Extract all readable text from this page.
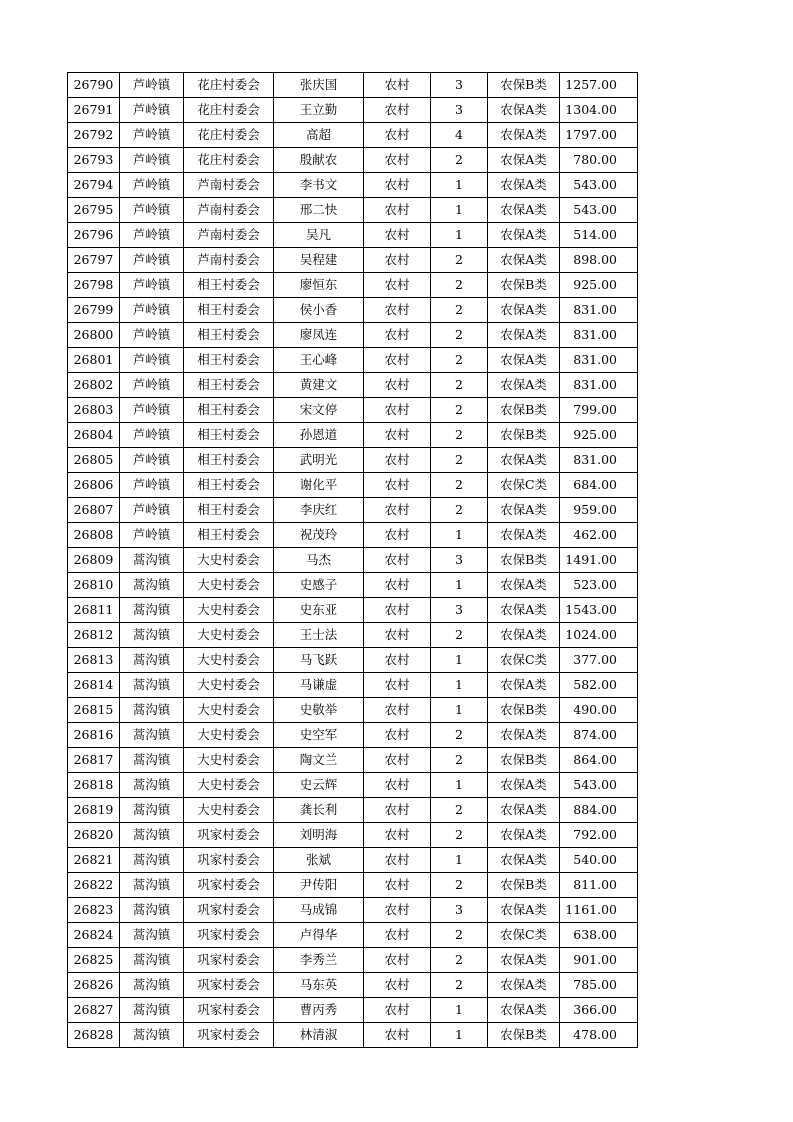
26790	芦岭镇	花庄村委会	张庆国	农村	3	农保B类	1257.00
26791	芦岭镇	花庄村委会	王立勤	农村	3	农保A类	1304.00
26792	芦岭镇	花庄村委会	高超	农村	4	农保A类	1797.00
26793	芦岭镇	花庄村委会	殷献农	农村	2	农保A类	780.00
26794	芦岭镇	芦南村委会	李书文	农村	1	农保A类	543.00
26795	芦岭镇	芦南村委会	邢二快	农村	1	农保A类	543.00
26796	芦岭镇	芦南村委会	吴凡	农村	1	农保A类	514.00
26797	芦岭镇	芦南村委会	吴程建	农村	2	农保A类	898.00
26798	芦岭镇	相王村委会	廖恒东	农村	2	农保B类	925.00
26799	芦岭镇	相王村委会	侯小香	农村	2	农保A类	831.00
26800	芦岭镇	相王村委会	廖凤连	农村	2	农保A类	831.00
26801	芦岭镇	相王村委会	王心峰	农村	2	农保A类	831.00
26802	芦岭镇	相王村委会	黄建文	农村	2	农保A类	831.00
26803	芦岭镇	相王村委会	宋文停	农村	2	农保B类	799.00
26804	芦岭镇	相王村委会	孙恩道	农村	2	农保B类	925.00
26805	芦岭镇	相王村委会	武明光	农村	2	农保A类	831.00
26806	芦岭镇	相王村委会	谢化平	农村	2	农保C类	684.00
26807	芦岭镇	相王村委会	李庆红	农村	2	农保A类	959.00
26808	芦岭镇	相王村委会	祝茂玲	农村	1	农保A类	462.00
26809	蒿沟镇	大史村委会	马杰	农村	3	农保B类	1491.00
26810	蒿沟镇	大史村委会	史感子	农村	1	农保A类	523.00
26811	蒿沟镇	大史村委会	史东亚	农村	3	农保A类	1543.00
26812	蒿沟镇	大史村委会	王士法	农村	2	农保A类	1024.00
26813	蒿沟镇	大史村委会	马飞跃	农村	1	农保C类	377.00
26814	蒿沟镇	大史村委会	马谦虚	农村	1	农保A类	582.00
26815	蒿沟镇	大史村委会	史敬举	农村	1	农保B类	490.00
26816	蒿沟镇	大史村委会	史空军	农村	2	农保A类	874.00
26817	蒿沟镇	大史村委会	陶文兰	农村	2	农保B类	864.00
26818	蒿沟镇	大史村委会	史云辉	农村	1	农保A类	543.00
26819	蒿沟镇	大史村委会	龚长利	农村	2	农保A类	884.00
26820	蒿沟镇	巩家村委会	刘明海	农村	2	农保A类	792.00
26821	蒿沟镇	巩家村委会	张斌	农村	1	农保A类	540.00
26822	蒿沟镇	巩家村委会	尹传阳	农村	2	农保B类	811.00
26823	蒿沟镇	巩家村委会	马成锦	农村	3	农保A类	1161.00
26824	蒿沟镇	巩家村委会	卢得华	农村	2	农保C类	638.00
26825	蒿沟镇	巩家村委会	李秀兰	农村	2	农保A类	901.00
26826	蒿沟镇	巩家村委会	马东英	农村	2	农保A类	785.00
26827	蒿沟镇	巩家村委会	曹丙秀	农村	1	农保A类	366.00
26828	蒿沟镇	巩家村委会	林清淑	农村	1	农保B类	478.00
